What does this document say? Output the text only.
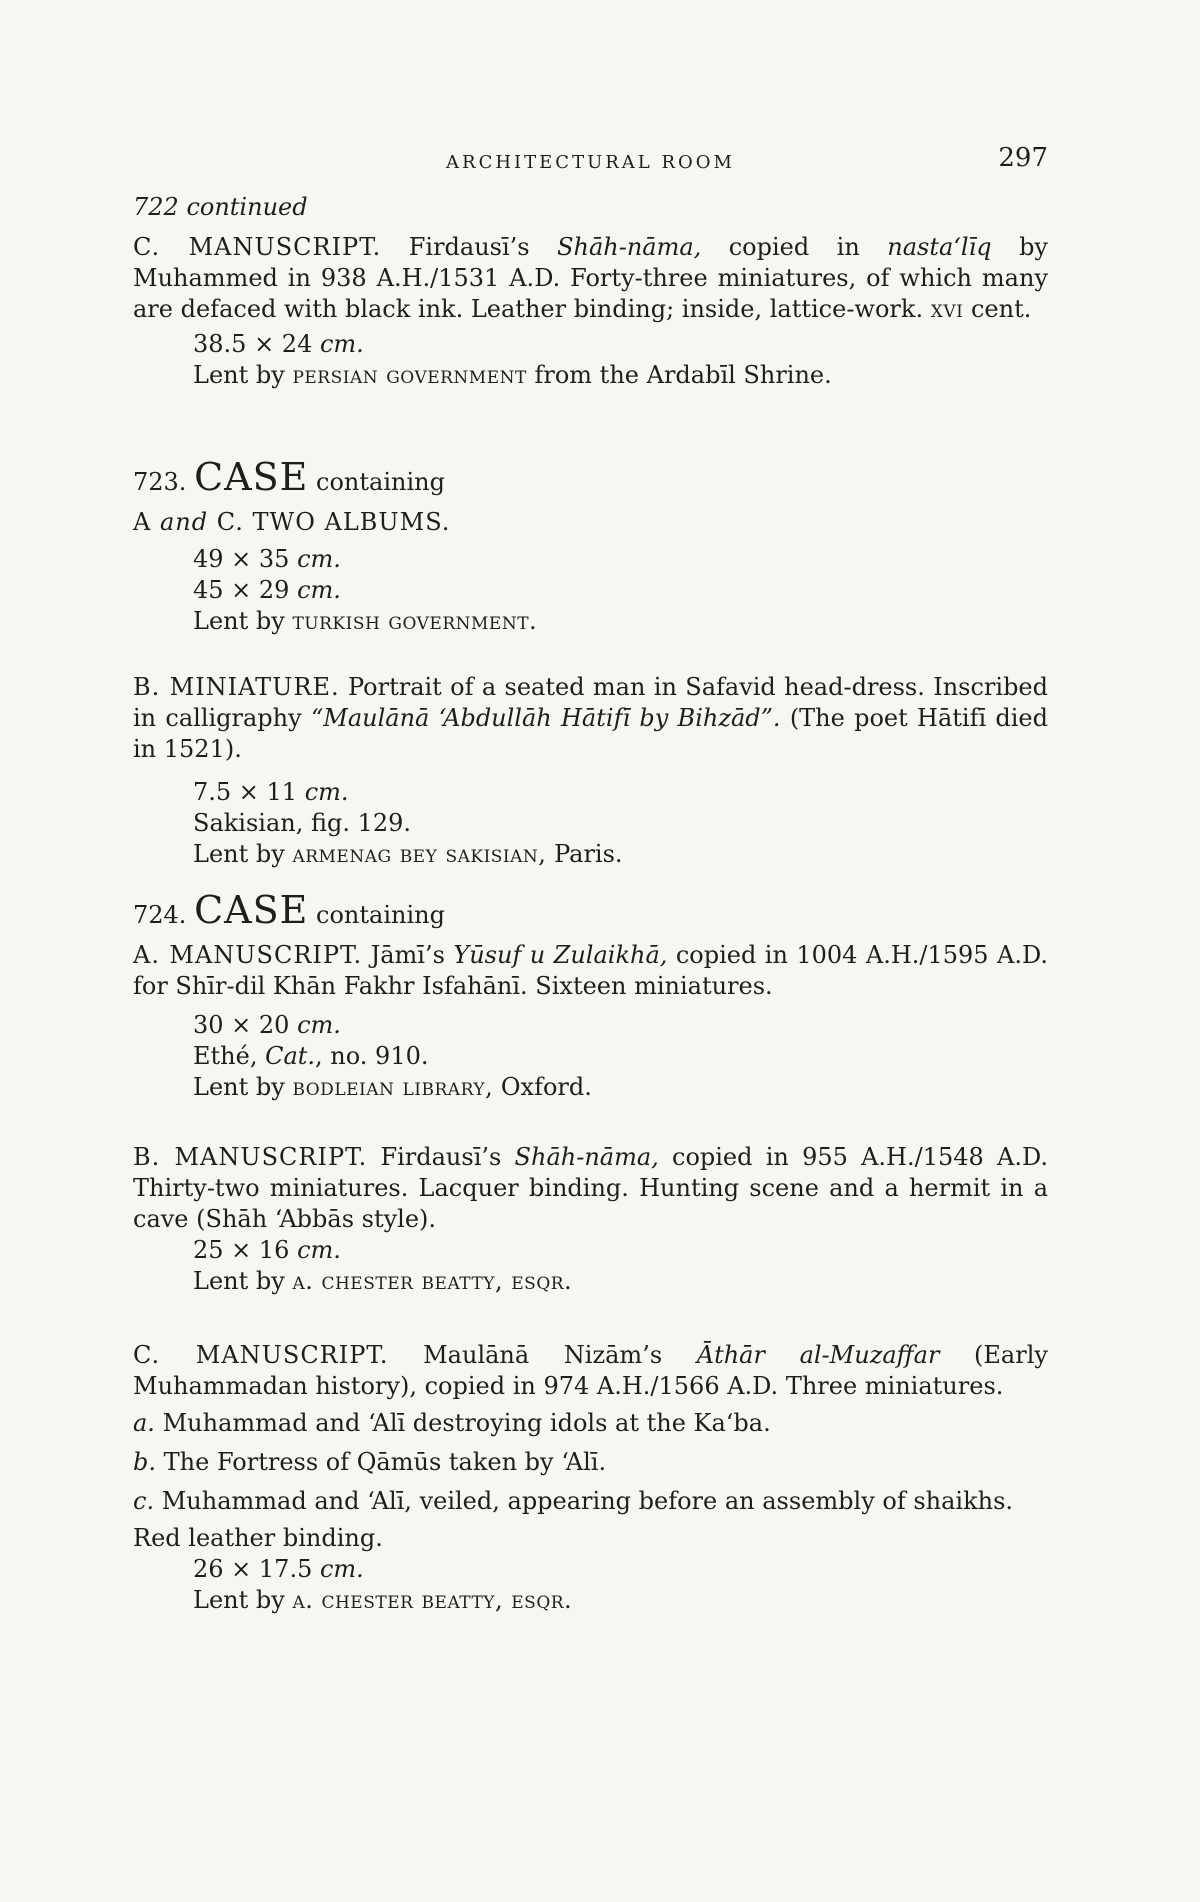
ARCHITECTURAL ROOM	297
722 continued

C. MANUSCRIPT. Firdausī’s Shāh-nāma, copied in nasta‘līq by Muhammed in 938 A.H./1531 A.D. Forty-three miniatures, of which many are defaced with black ink. Leather binding; inside, lattice-work. xvi cent.

38.5 × 24 cm.
Lent by persian government from the Ardabīl Shrine.
723. CASE containing
A and C. TWO ALBUMS.
49 × 35 cm.
45 × 29 cm.
Lent by turkish government.

B. MINIATURE. Portrait of a seated man in Safavid head-dress. Inscribed in calligraphy “Maulānā ‘Abdullāh Hātifī by Bihzād”. (The poet Hātifī died in 1521).

7.5 × 11 cm.
Sakisian, fig. 129.
Lent by armenag bey sakisian, Paris.
724. CASE containing

A. MANUSCRIPT. Jāmī’s Yūsuf u Zulaikhā, copied in 1004 A.H./1595 A.D. for Shīr-dil Khān Fakhr Isfahānī. Sixteen miniatures.

30 × 20 cm.
Ethé, Cat., no. 910.
Lent by bodleian library, Oxford.

B. MANUSCRIPT. Firdausī’s Shāh-nāma, copied in 955 A.H./1548 A.D. Thirty-two miniatures. Lacquer binding. Hunting scene and a hermit in a cave (Shāh ‘Abbās style).

25 × 16 cm.
Lent by a. chester beatty, esqr.

C. MANUSCRIPT. Maulānā Nizām’s Āthār al-Muzaffar (Early Muhammadan history), copied in 974 A.H./1566 A.D. Three miniatures.

a. Muhammad and ‘Alī destroying idols at the Ka‘ba.

b. The Fortress of Qāmūs taken by ‘Alī.

c. Muhammad and ‘Alī, veiled, appearing before an assembly of shaikhs.

Red leather binding.

26 × 17.5 cm.
Lent by a. chester beatty, esqr.
